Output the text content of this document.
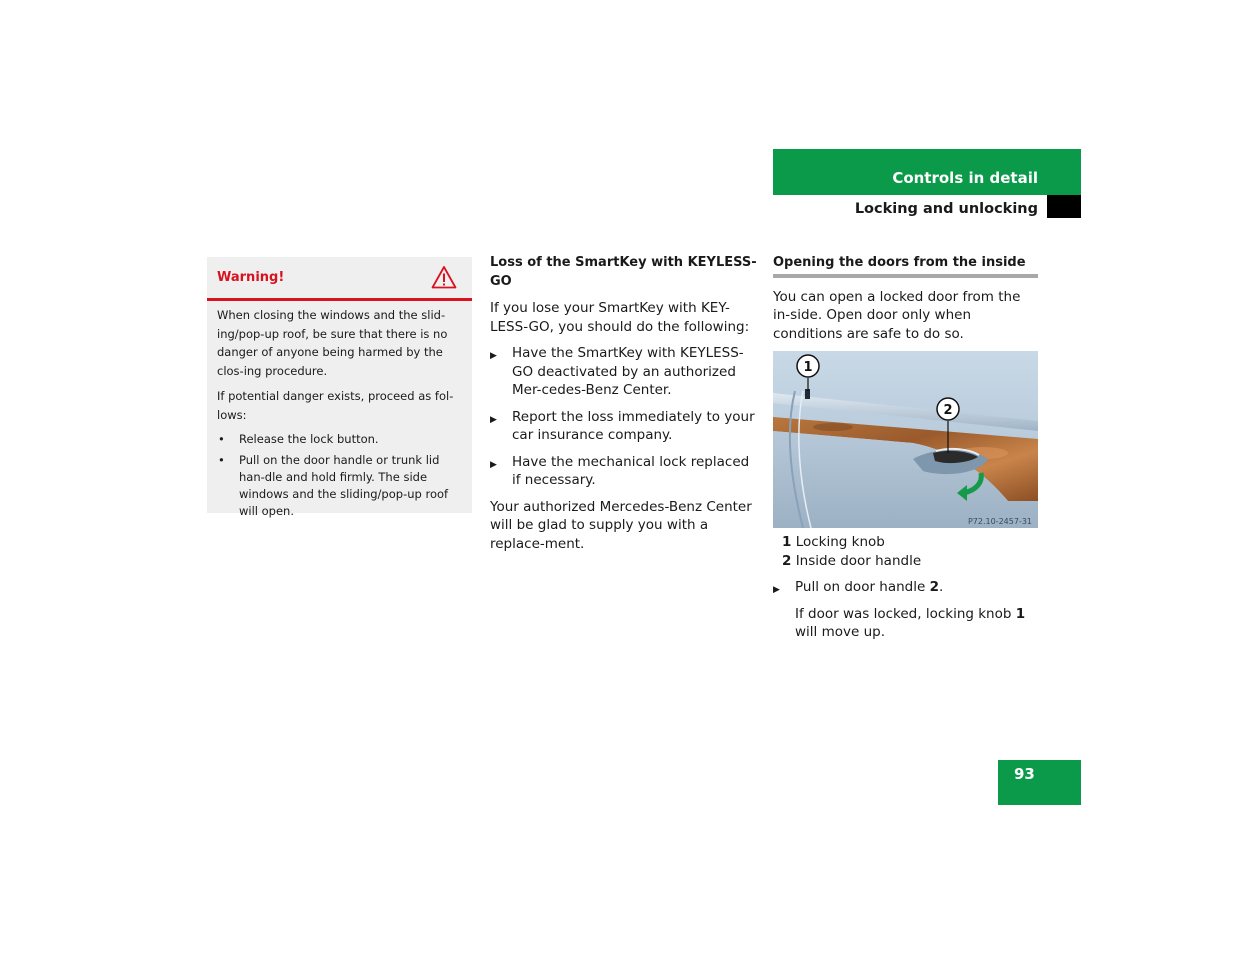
Controls in detail
Locking and unlocking
Warning!

When closing the windows and the slid-ing/pop-up roof, be sure that there is no danger of anyone being harmed by the clos-ing procedure.

If potential danger exists, proceed as fol-lows:

• Release the lock button.
• Pull on the door handle or trunk lid han-dle and hold firmly. The side windows and the sliding/pop-up roof will open.

Loss of the SmartKey with KEYLESS-GO

If you lose your SmartKey with KEY-LESS-GO, you should do the following:

▶ Have the SmartKey with KEYLESS-GO deactivated by an authorized Mer-cedes-Benz Center.

▶ Report the loss immediately to your car insurance company.

▶ Have the mechanical lock replaced if necessary.

Your authorized Mercedes-Benz Center will be glad to supply you with a replace-ment.

Opening the doors from the inside

You can open a locked door from the in-side. Open door only when conditions are safe to do so.

1
2
P72.10-2457-31

1 Locking knob

2 Inside door handle

▶ Pull on door handle 2.

If door was locked, locking knob 1 will move up.

93
